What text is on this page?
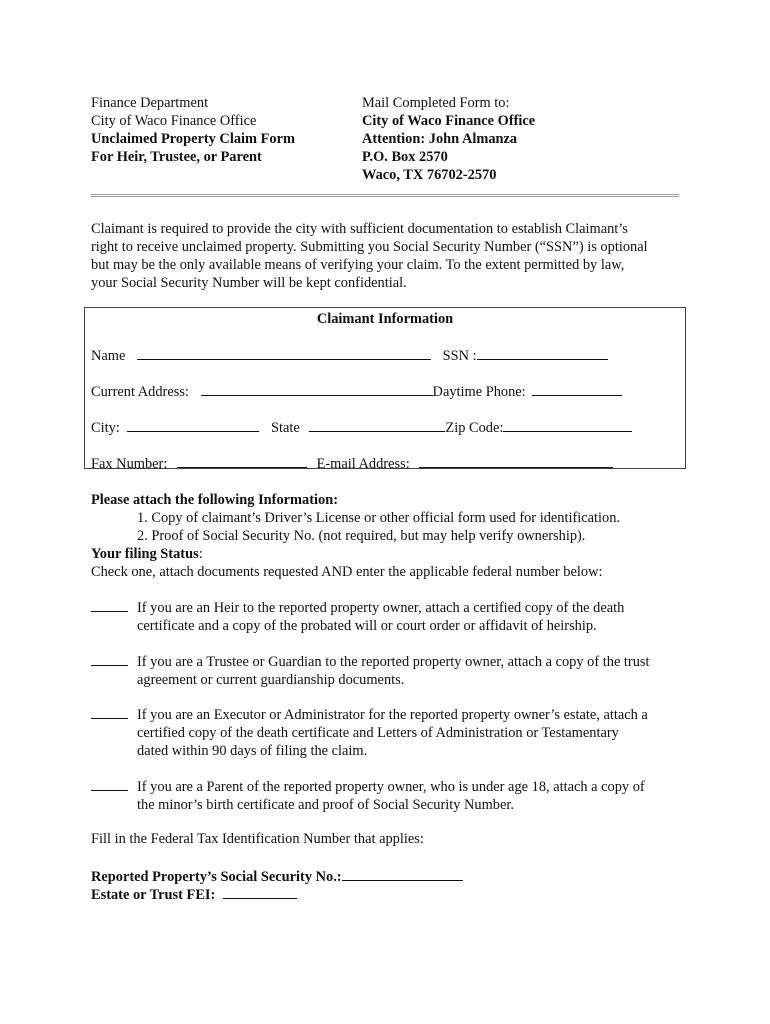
Finance Department
City of Waco Finance Office
Unclaimed Property Claim Form
For Heir, Trustee, or Parent
Mail Completed Form to:
City of Waco Finance Office
Attention: John Almanza
P.O. Box 2570
Waco, TX 76702-2570
Claimant is required to provide the city with sufficient documentation to establish Claimant’s
right to receive unclaimed property. Submitting you Social Security Number (“SSN”) is optional
but may be the only available means of verifying your claim. To the extent permitted by law,
your Social Security Number will be kept confidential.
Claimant Information
Name	SSN :
Current Address:	Daytime Phone:
City:	State	Zip Code:
Fax Number:	E-mail Address:
Please attach the following Information:
1. Copy of claimant’s Driver’s License or other official form used for identification.
2. Proof of Social Security No. (not required, but may help verify ownership).
Your filing Status:
Check one, attach documents requested AND enter the applicable federal number below:
If you are an Heir to the reported property owner, attach a certified copy of the death
certificate and a copy of the probated will or court order or affidavit of heirship.
If you are a Trustee or Guardian to the reported property owner, attach a copy of the trust
agreement or current guardianship documents.
If you are an Executor or Administrator for the reported property owner’s estate, attach a
certified copy of the death certificate and Letters of Administration or Testamentary
dated within 90 days of filing the claim.
If you are a Parent of the reported property owner, who is under age 18, attach a copy of
the minor’s birth certificate and proof of Social Security Number.
Fill in the Federal Tax Identification Number that applies:
Reported Property’s Social Security No.:
Estate or Trust FEI:
